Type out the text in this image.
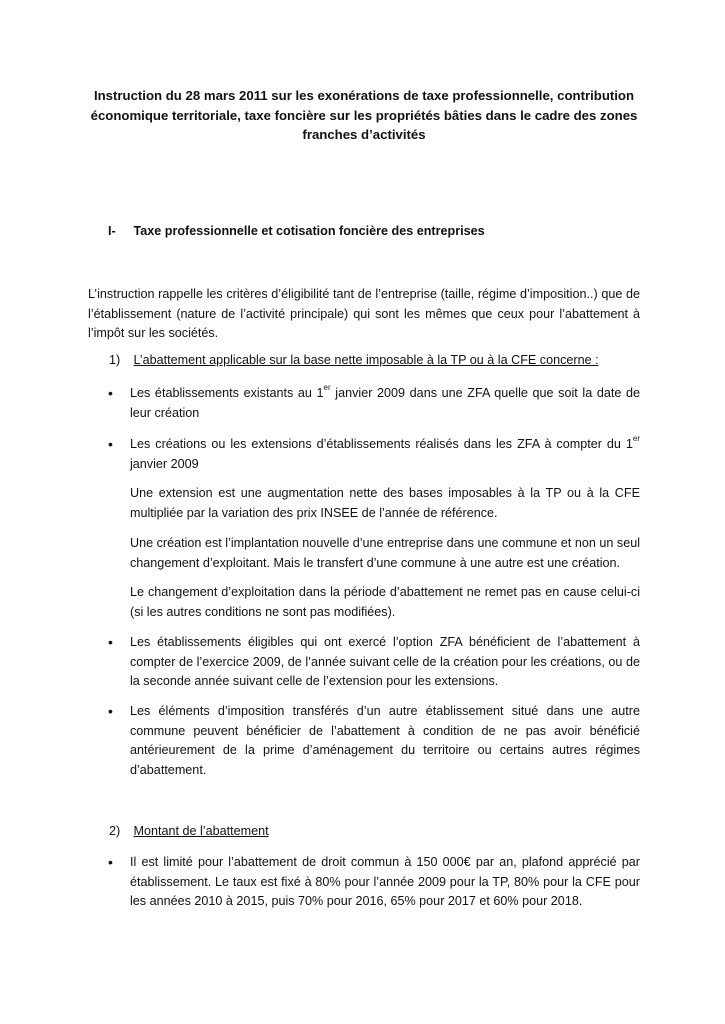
Instruction du 28 mars 2011 sur les exonérations de taxe professionnelle, contribution économique territoriale, taxe foncière sur les propriétés bâties dans le cadre des zones franches d’activités
I- Taxe professionnelle et cotisation foncière des entreprises
L’instruction rappelle les critères d’éligibilité tant de l’entreprise (taille, régime d’imposition..) que de l’établissement (nature de l’activité principale) qui sont les mêmes que ceux pour l’abattement à l’impôt sur les sociétés.
1) L’abattement applicable sur la base nette imposable à la TP ou à la CFE concerne :
•	Les établissements existants au 1er janvier 2009 dans une ZFA quelle que soit la date de leur création
•	Les créations ou les extensions d’établissements réalisés dans les ZFA à compter du 1er janvier 2009
Une extension est une augmentation nette des bases imposables à la TP ou à la CFE multipliée par la variation des prix INSEE de l’année de référence.
Une création est l’implantation nouvelle d’une entreprise dans une commune et non un seul changement d’exploitant. Mais le transfert d’une commune à une autre est une création.
Le changement d’exploitation dans la période d’abattement ne remet pas en cause celui-ci (si les autres conditions ne sont pas modifiées).
•	Les établissements éligibles qui ont exercé l’option ZFA bénéficient de l’abattement à compter de l’exercice 2009, de l’année suivant celle de la création pour les créations, ou de la seconde année suivant celle de l’extension pour les extensions.
•	Les éléments d’imposition transférés d’un autre établissement situé dans une autre commune peuvent bénéficier de l’abattement à condition de ne pas avoir bénéficié antérieurement de la prime d’aménagement du territoire ou certains autres régimes d’abattement.
2) Montant de l’abattement
•	Il est limité pour l’abattement de droit commun à 150 000€ par an, plafond apprécié par établissement. Le taux est fixé à 80% pour l’année 2009 pour la TP, 80% pour la CFE pour les années 2010 à 2015, puis 70% pour 2016, 65% pour 2017 et 60% pour 2018.
